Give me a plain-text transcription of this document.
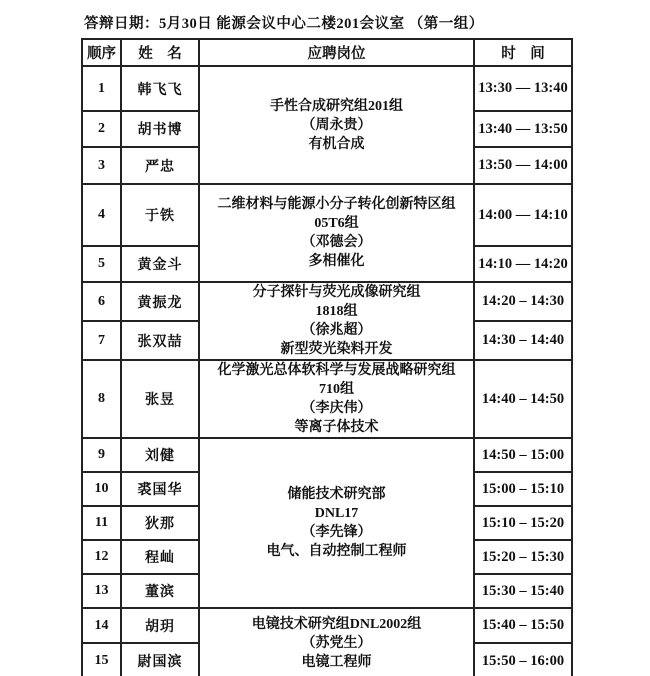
答辩日期：5月30日 能源会议中心二楼201会议室 （第一组）
顺序	姓　名	应聘岗位	时　间
1	韩飞飞	手性合成研究组201组
（周永贵）
有机合成	13:30 — 13:40
2	胡书博		13:40 — 13:50
3	严忠		13:50 — 14:00
4	于铁	二维材料与能源小分子转化创新特区组
05T6组
（邓德会）
多相催化	14:00 — 14:10
5	黄金斗		14:10 — 14:20
6	黄振龙	分子探针与荧光成像研究组
1818组
（徐兆超）
新型荧光染料开发	14:20 – 14:30
7	张双喆		14:30 – 14:40
8	张昱	化学激光总体软科学与发展战略研究组
710组
（李庆伟）
等离子体技术	14:40 – 14:50
9	刘健	储能技术研究部
DNL17
（李先锋）
电气、自动控制工程师	14:50 – 15:00
10	裘国华		15:00 – 15:10
11	狄那		15:10 – 15:20
12	程屾		15:20 – 15:30
13	董滨		15:30 – 15:40
14	胡玥	电镜技术研究组DNL2002组
（苏党生）
电镜工程师	15:40 – 15:50
15	尉国滨		15:50 – 16:00
